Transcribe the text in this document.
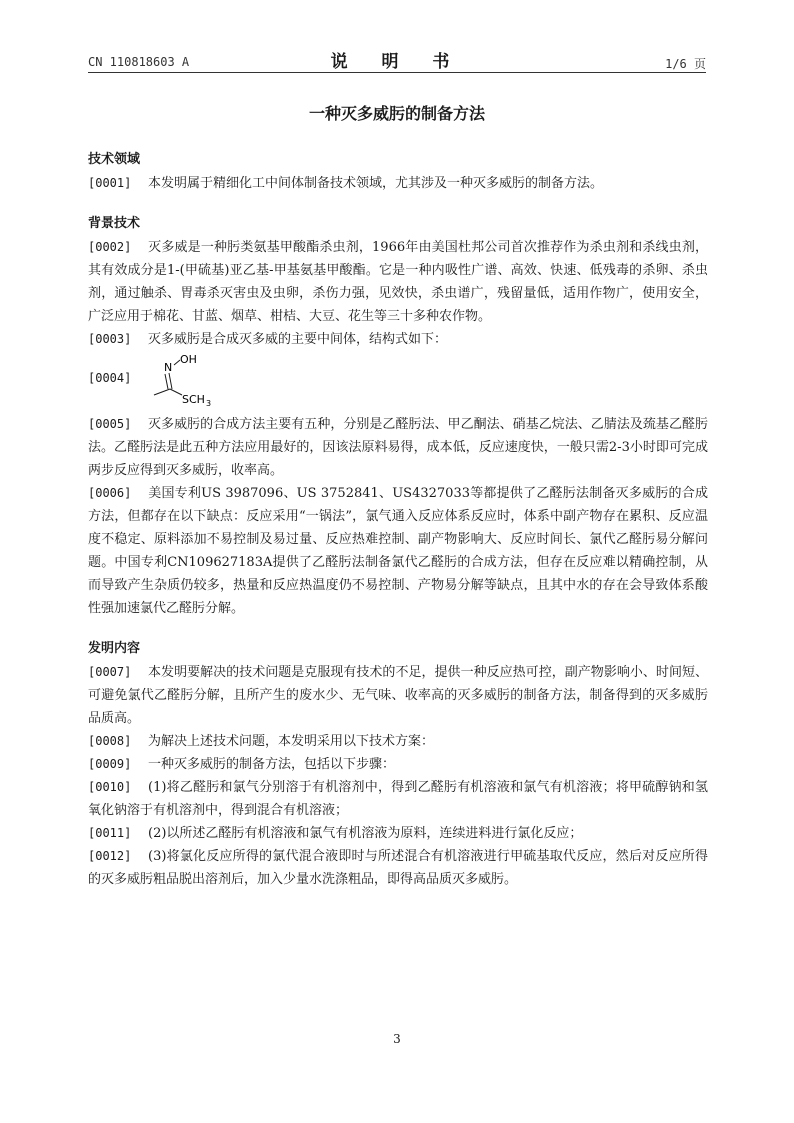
CN 110818603 A	说 明 书	1/6 页
一种灭多威肟的制备方法
技术领域

[0001] 本发明属于精细化工中间体制备技术领域，尤其涉及一种灭多威肟的制备方法。

背景技术

[0002] 灭多威是一种肟类氨基甲酸酯杀虫剂，1966年由美国杜邦公司首次推荐作为杀虫剂和杀线虫剂，其有效成分是1-(甲硫基)亚乙基-甲基氨基甲酸酯。它是一种内吸性广谱、高效、快速、低残毒的杀卵、杀虫剂，通过触杀、胃毒杀灭害虫及虫卵，杀伤力强，见效快，杀虫谱广，残留量低，适用作物广，使用安全，广泛应用于棉花、甘蓝、烟草、柑桔、大豆、花生等三十多种农作物。

[0003] 灭多威肟是合成灭多威的主要中间体，结构式如下：

[0004]
N
OH
SCH 3

[0005] 灭多威肟的合成方法主要有五种，分别是乙醛肟法、甲乙酮法、硝基乙烷法、乙腈法及巯基乙醛肟法。乙醛肟法是此五种方法应用最好的，因该法原料易得，成本低，反应速度快，一般只需2-3小时即可完成两步反应得到灭多威肟，收率高。

[0006] 美国专利US 3987096、US 3752841、US4327033等都提供了乙醛肟法制备灭多威肟的合成方法，但都存在以下缺点：反应采用“一锅法”，氯气通入反应体系反应时，体系中副产物存在累积、反应温度不稳定、原料添加不易控制及易过量、反应热难控制、副产物影响大、反应时间长、氯代乙醛肟易分解问题。中国专利CN109627183A提供了乙醛肟法制备氯代乙醛肟的合成方法，但存在反应难以精确控制，从而导致产生杂质仍较多，热量和反应热温度仍不易控制、产物易分解等缺点，且其中水的存在会导致体系酸性强加速氯代乙醛肟分解。

发明内容

[0007] 本发明要解决的技术问题是克服现有技术的不足，提供一种反应热可控，副产物影响小、时间短、可避免氯代乙醛肟分解，且所产生的废水少、无气味、收率高的灭多威肟的制备方法，制备得到的灭多威肟品质高。

[0008] 为解决上述技术问题，本发明采用以下技术方案：

[0009] 一种灭多威肟的制备方法，包括以下步骤：

[0010] (1)将乙醛肟和氯气分别溶于有机溶剂中，得到乙醛肟有机溶液和氯气有机溶液；将甲硫醇钠和氢氧化钠溶于有机溶剂中，得到混合有机溶液；

[0011] (2)以所述乙醛肟有机溶液和氯气有机溶液为原料，连续进料进行氯化反应；

[0012] (3)将氯化反应所得的氯代混合液即时与所述混合有机溶液进行甲硫基取代反应，然后对反应所得的灭多威肟粗品脱出溶剂后，加入少量水洗涤粗品，即得高品质灭多威肟。

3
